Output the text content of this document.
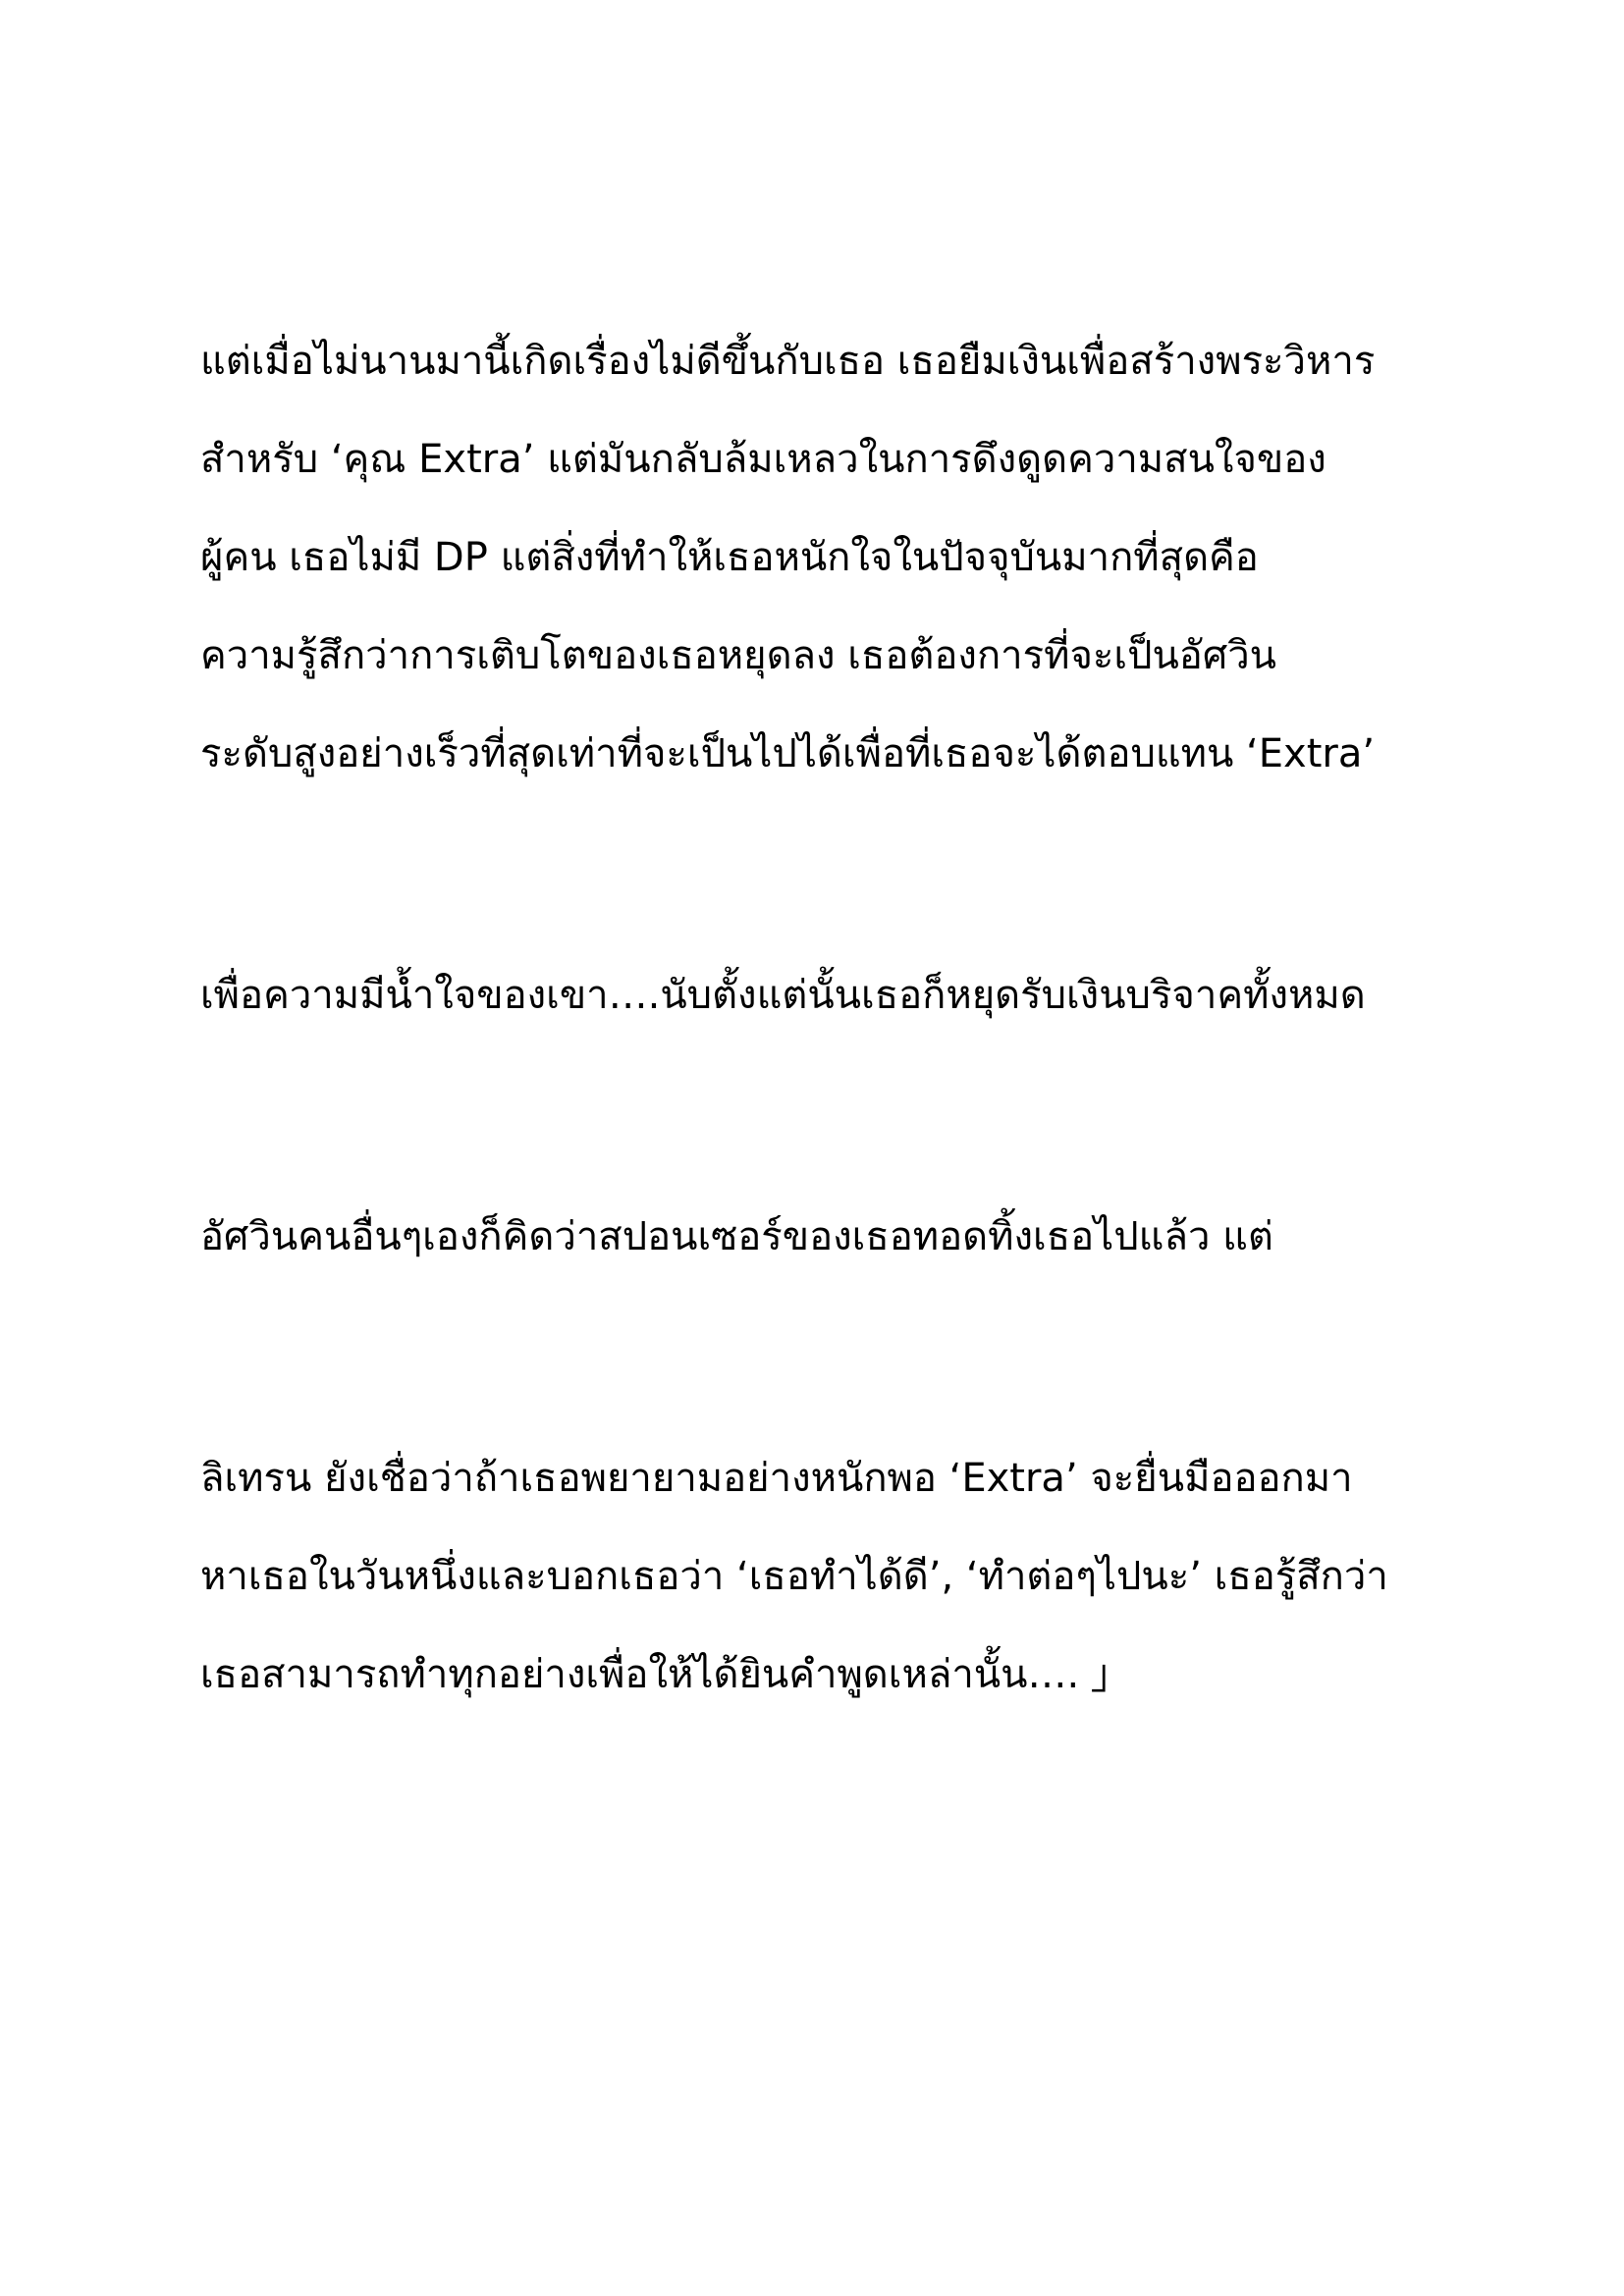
แต่เมื่อไม่นานมานี้เกิดเรื่องไม่ดีขึ้นกับเธอ เธอยืมเงินเพื่อสร้างพระวิหาร
สำหรับ ‘คุณ Extra’ แต่มันกลับล้มเหลวในการดึงดูดความสนใจของ
ผู้คน เธอไม่มี DP แต่สิ่งที่ทำให้เธอหนักใจในปัจจุบันมากที่สุดคือ
ความรู้สึกว่าการเติบโตของเธอหยุดลง เธอต้องการที่จะเป็นอัศวิน
ระดับสูงอย่างเร็วที่สุดเท่าที่จะเป็นไปได้เพื่อที่เธอจะได้ตอบแทน ‘Extra’
เพื่อความมีน้ำใจของเขา….นับตั้งแต่นั้นเธอก็หยุดรับเงินบริจาคทั้งหมด
อัศวินคนอื่นๆเองก็คิดว่าสปอนเซอร์ของเธอทอดทิ้งเธอไปแล้ว แต่
ลิเทรน ยังเชื่อว่าถ้าเธอพยายามอย่างหนักพอ ‘Extra’ จะยื่นมือออกมา
หาเธอในวันหนึ่งและบอกเธอว่า ‘เธอทำได้ดี’, ‘ทำต่อๆไปนะ’ เธอรู้สึกว่า
เธอสามารถทำทุกอย่างเพื่อให้ได้ยินคำพูดเหล่านั้น…. 」
